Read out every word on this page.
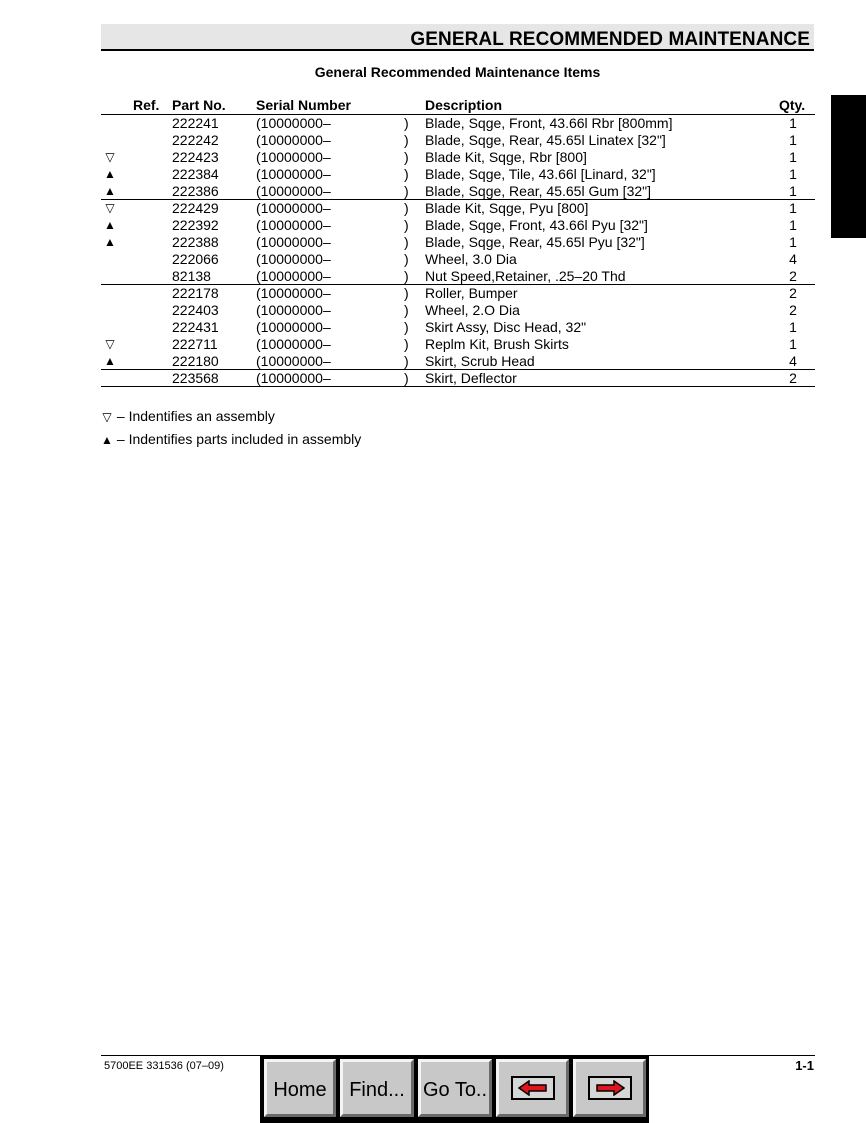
GENERAL RECOMMENDED MAINTENANCE
General Recommended Maintenance Items
Ref. Part No. Serial Number	Description	Qty.
222241	(10000000–	) Blade, Sqge, Front, 43.66l Rbr [800mm]	1
222242	(10000000–	) Blade, Sqge, Rear, 45.65l Linatex [32"]	1
▽	222423	(10000000–	) Blade Kit, Sqge, Rbr [800]	1
▲	222384	(10000000–	) Blade, Sqge, Tile, 43.66l [Linard, 32"]	1
▲	222386	(10000000–	) Blade, Sqge, Rear, 45.65l Gum [32"]	1
▽	222429	(10000000–	) Blade Kit, Sqge, Pyu [800]	1
▲	222392	(10000000–	) Blade, Sqge, Front, 43.66l Pyu [32"]	1
▲	222388	(10000000–	) Blade, Sqge, Rear, 45.65l Pyu [32"]	1
222066	(10000000–	) Wheel, 3.0 Dia	4
82138	(10000000–	) Nut Speed,Retainer, .25–20 Thd	2
222178	(10000000–	) Roller, Bumper	2
222403	(10000000–	) Wheel, 2.O Dia	2
222431	(10000000–	) Skirt Assy, Disc Head, 32"	1
▽	222711	(10000000–	) Replm Kit, Brush Skirts	1
▲	222180	(10000000–	) Skirt, Scrub Head	4
223568	(10000000–	) Skirt, Deflector	2
▽ – Indentifies an assembly
▲ – Indentifies parts included in assembly
5700EE 331536 (07–09)	1-1
Home Find... Go To..
